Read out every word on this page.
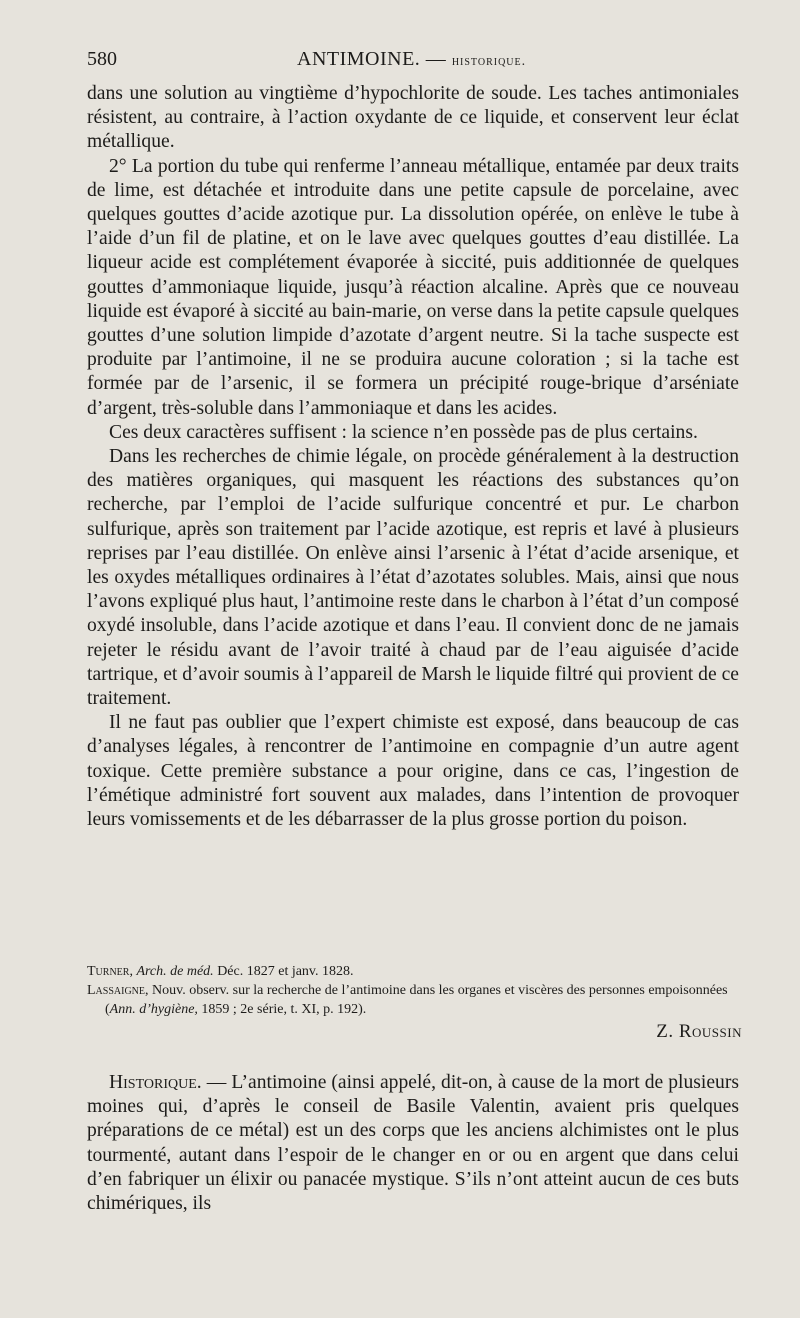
580	ANTIMOINE. — historique.

dans une solution au vingtième d’hypochlorite de soude. Les taches antimoniales résistent, au contraire, à l’action oxydante de ce liquide, et conservent leur éclat métallique.

2° La portion du tube qui renferme l’anneau métallique, entamée par deux traits de lime, est détachée et introduite dans une petite capsule de porcelaine, avec quelques gouttes d’acide azotique pur. La dissolution opérée, on enlève le tube à l’aide d’un fil de platine, et on le lave avec quelques gouttes d’eau distillée. La liqueur acide est complétement évaporée à siccité, puis additionnée de quelques gouttes d’ammoniaque liquide, jusqu’à réaction alcaline. Après que ce nouveau liquide est évaporé à siccité au bain-marie, on verse dans la petite capsule quelques gouttes d’une solution limpide d’azotate d’argent neutre. Si la tache suspecte est produite par l’antimoine, il ne se produira aucune coloration ; si la tache est formée par de l’arsenic, il se formera un précipité rouge-brique d’arséniate d’argent, très-soluble dans l’ammoniaque et dans les acides.

Ces deux caractères suffisent : la science n’en possède pas de plus certains.

Dans les recherches de chimie légale, on procède généralement à la destruction des matières organiques, qui masquent les réactions des substances qu’on recherche, par l’emploi de l’acide sulfurique concentré et pur. Le charbon sulfurique, après son traitement par l’acide azotique, est repris et lavé à plusieurs reprises par l’eau distillée. On enlève ainsi l’arsenic à l’état d’acide arsenique, et les oxydes métalliques ordinaires à l’état d’azotates solubles. Mais, ainsi que nous l’avons expliqué plus haut, l’antimoine reste dans le charbon à l’état d’un composé oxydé insoluble, dans l’acide azotique et dans l’eau. Il convient donc de ne jamais rejeter le résidu avant de l’avoir traité à chaud par de l’eau aiguisée d’acide tartrique, et d’avoir soumis à l’appareil de Marsh le liquide filtré qui provient de ce traitement.

Il ne faut pas oublier que l’expert chimiste est exposé, dans beaucoup de cas d’analyses légales, à rencontrer de l’antimoine en compagnie d’un autre agent toxique. Cette première substance a pour origine, dans ce cas, l’ingestion de l’émétique administré fort souvent aux malades, dans l’intention de provoquer leurs vomissements et de les débarrasser de la plus grosse portion du poison.

Turner, Arch. de méd. Déc. 1827 et janv. 1828.

Lassaigne, Nouv. observ. sur la recherche de l’antimoine dans les organes et viscères des personnes empoisonnées (Ann. d’hygiène, 1859 ; 2e série, t. XI, p. 192).

Z. Roussin

Historique. — L’antimoine (ainsi appelé, dit-on, à cause de la mort de plusieurs moines qui, d’après le conseil de Basile Valentin, avaient pris quelques préparations de ce métal) est un des corps que les anciens alchimistes ont le plus tourmenté, autant dans l’espoir de le changer en or ou en argent que dans celui d’en fabriquer un élixir ou panacée mystique. S’ils n’ont atteint aucun de ces buts chimériques, ils
